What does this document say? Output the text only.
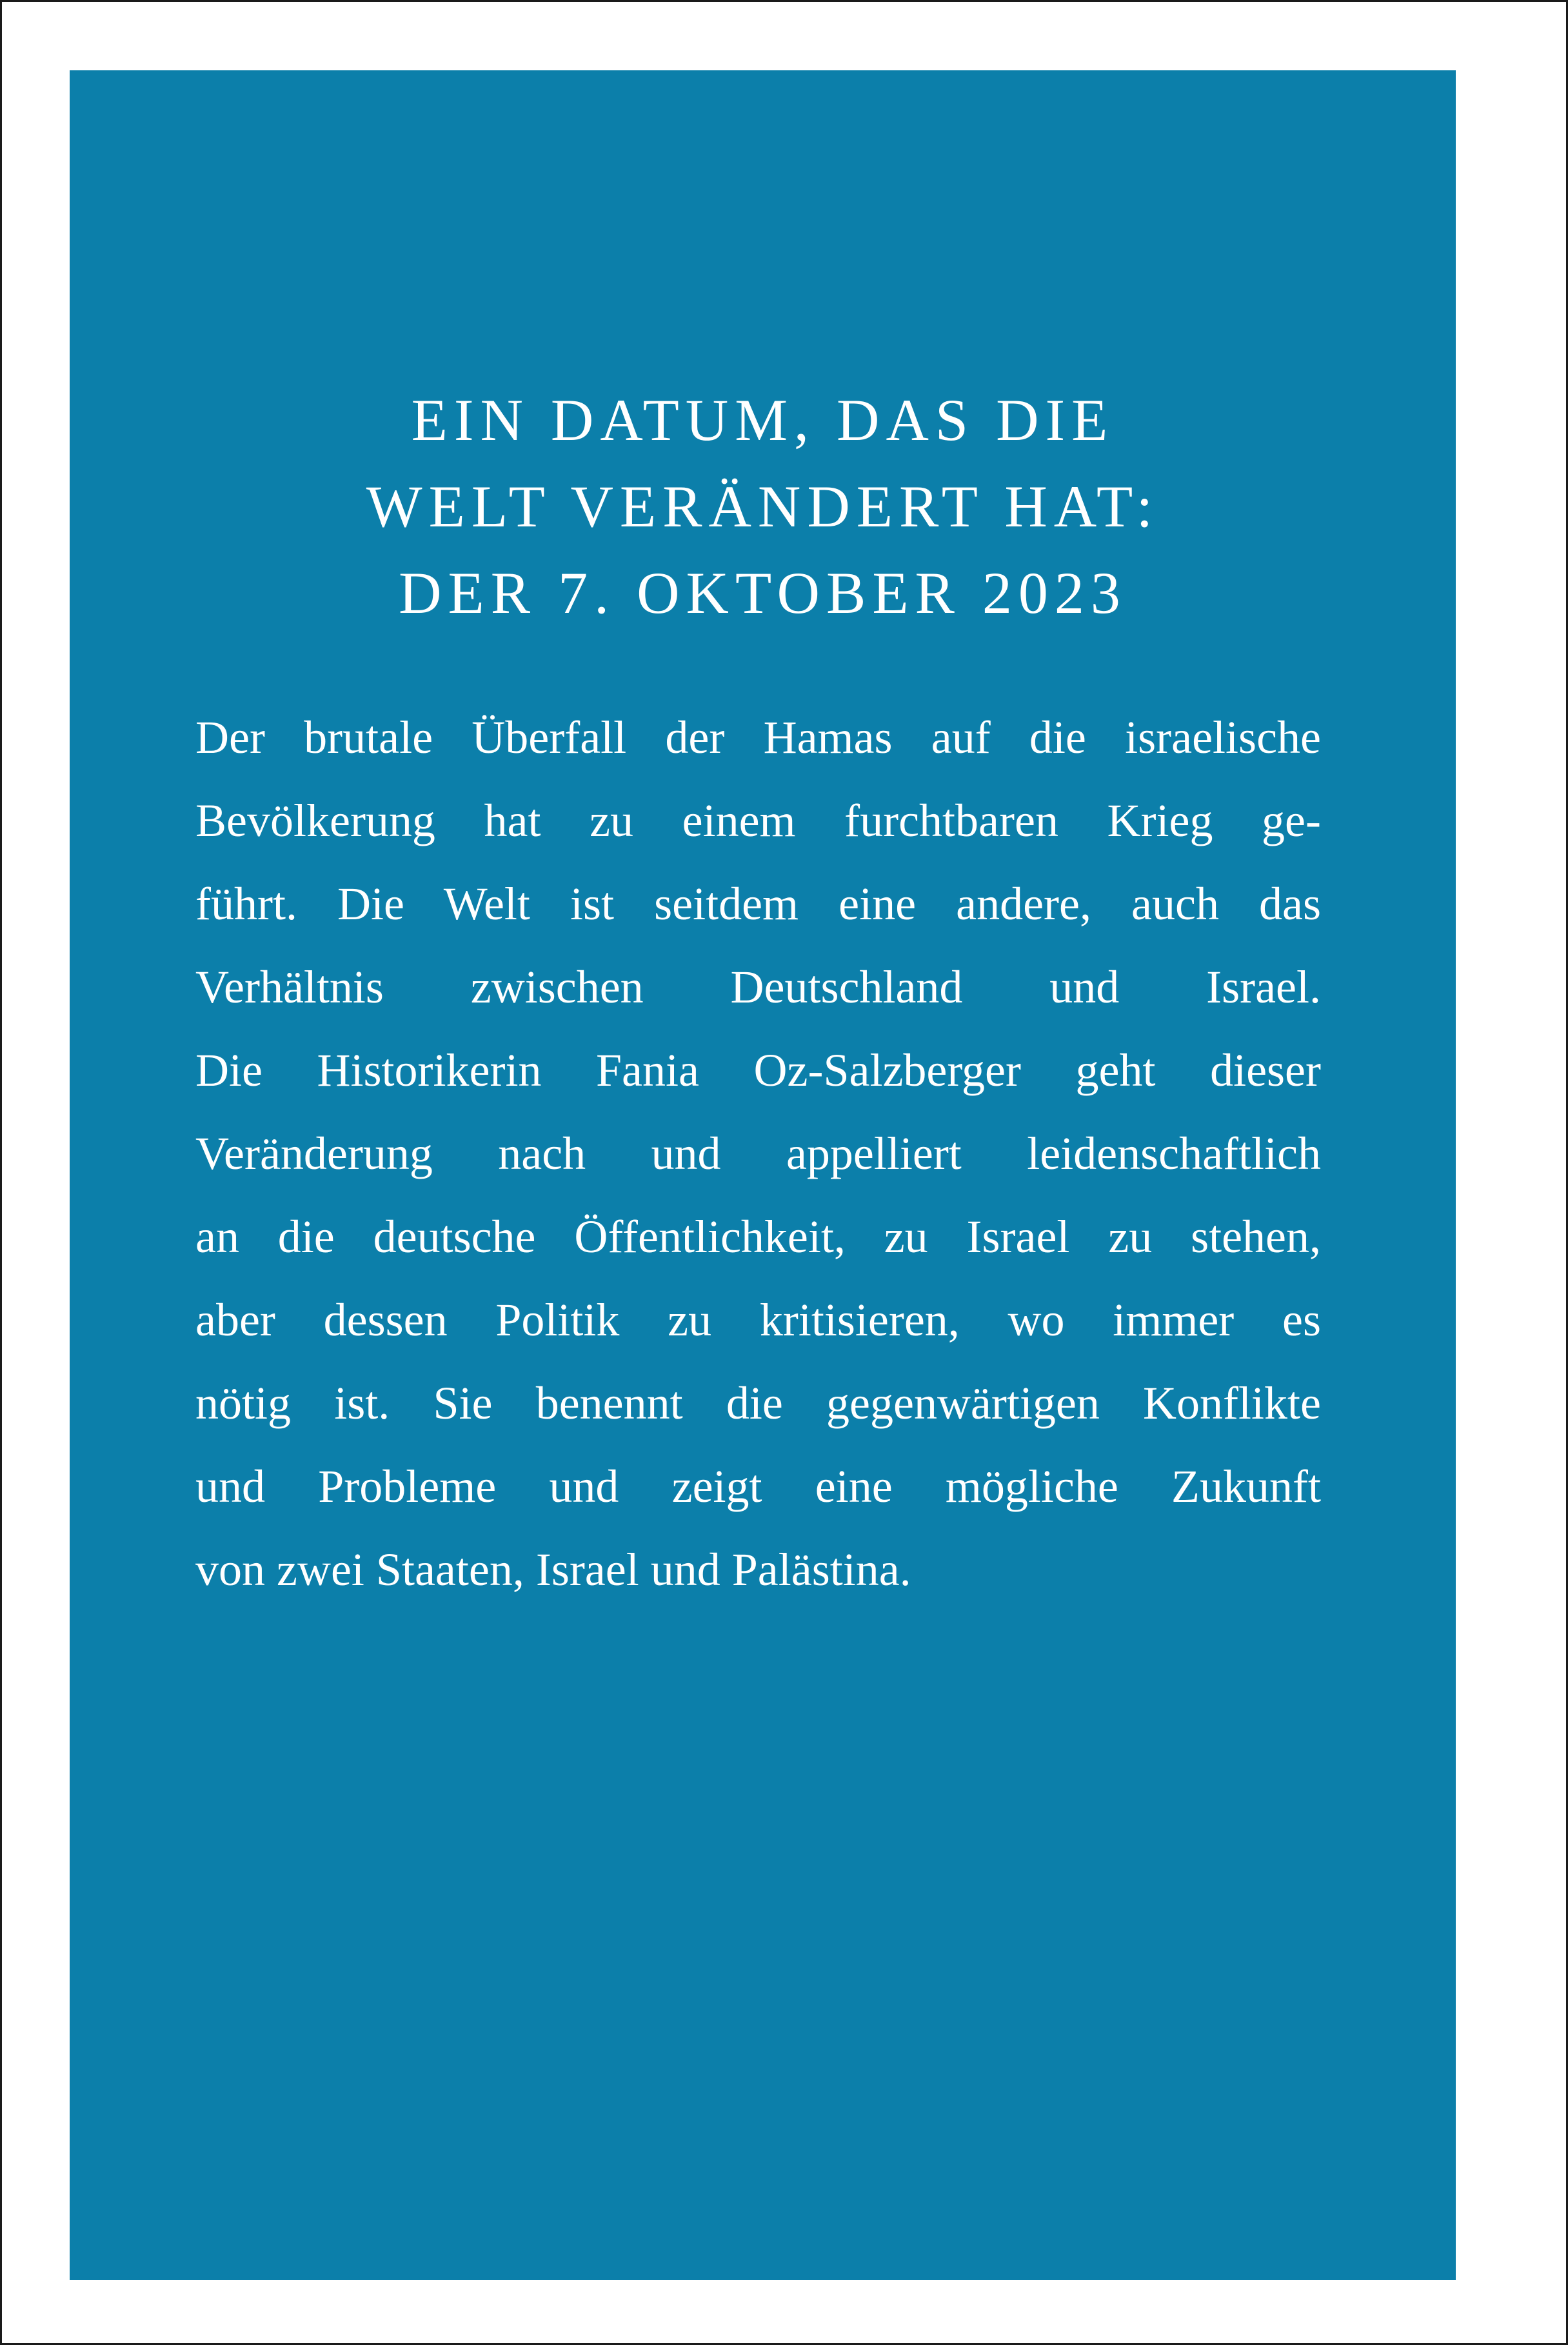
EIN DATUM, DAS DIE
WELT VERÄNDERT HAT:
DER 7. OKTOBER 2023
Der brutale Überfall der Hamas auf die israelische
Bevölkerung hat zu einem furchtbaren Krieg ge-
führt. Die Welt ist seitdem eine andere, auch das
Verhältnis zwischen Deutschland und Israel.
Die Historikerin Fania Oz-Salzberger geht dieser
Veränderung nach und appelliert leidenschaftlich
an die deutsche Öffentlichkeit, zu Israel zu stehen,
aber dessen Politik zu kritisieren, wo immer es
nötig ist. Sie benennt die gegenwärtigen Konflikte
und Probleme und zeigt eine mögliche Zukunft
von zwei Staaten, Israel und Palästina.
